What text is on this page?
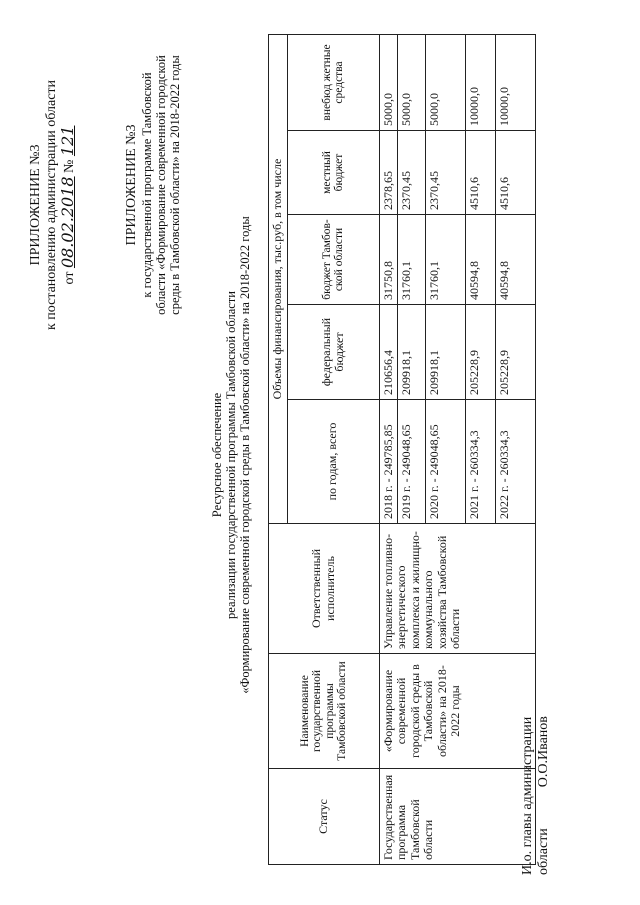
ПРИЛОЖЕНИЕ №3 к постановлению администрации области от 08.02.2018 № 121	ПРИЛОЖЕНИЕ №3 к государственной программе Тамбовской области «Формирование современной городской среды в Тамбовской области» на 2018-2022 годы
Ресурсное обеспечение реализации государственной программы Тамбовской области «Формирование современной городской среды в Тамбовской области» на 2018-2022 годы
Статус	Наименование государственной программы Тамбовской области	Ответственный исполнитель	Объемы финансирования, тыс.руб, в том числе				
			по годам, всего	федеральный бюджет	бюджет Тамбов-ской области	местный бюджет	внебюд жетные средства
Государственная программа Тамбовской области	«Формирование современной городской среды в Тамбовской области» на 2018-2022 годы	Управление топливно-энергетического комплекса и жилищно-коммунального хозяйства Тамбовской области	2018 г. - 249785,85	210656,4	31750,8	2378,65	5000,0
			2019 г. - 249048,65	209918,1	31760,1	2370,45	5000,0
			2020 г. - 249048,65	209918,1	31760,1	2370,45	5000,0
			2021 г. - 260334,3	205228,9	40594,8	4510,6	10000,0
			2022 г. - 260334,3	205228,9	40594,8	4510,6	10000,0
И.о. главы администрации области  О.О.Иванов
